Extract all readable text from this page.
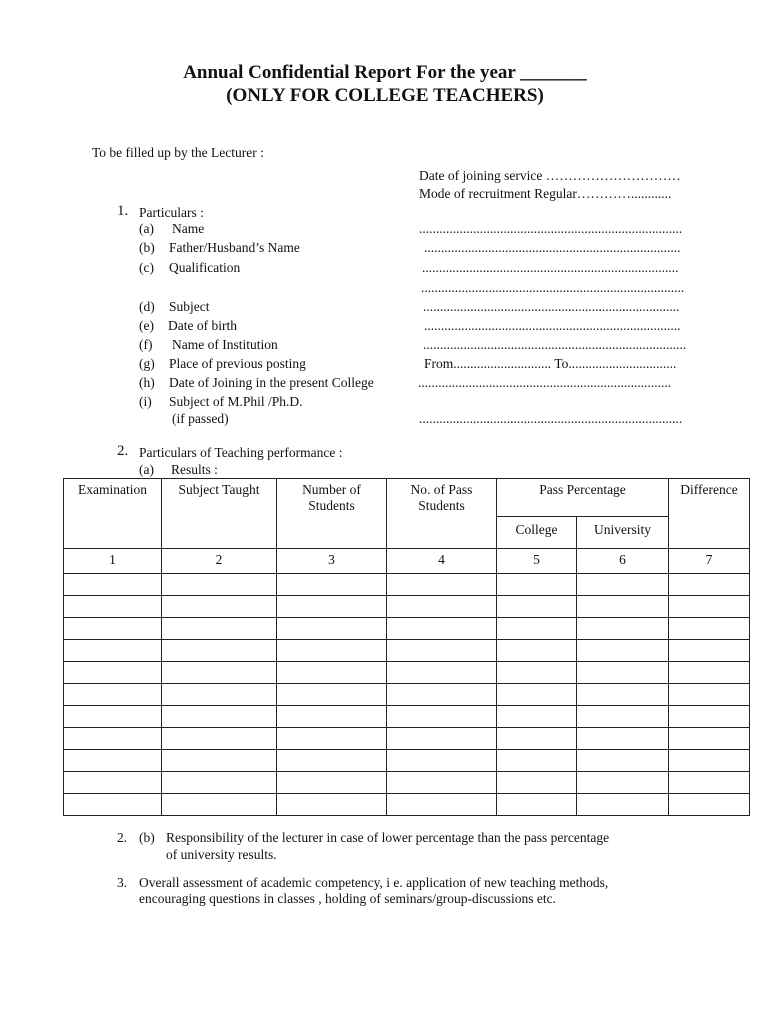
Annual Confidential Report For the year _______
(ONLY FOR COLLEGE TEACHERS)
To be filled up by the Lecturer :
Date of joining service …………………………
Mode of recruitment Regular…………............
1. Particulars :
(a) Name	..............................................................................
(b) Father/Husband’s Name	............................................................................
(c) Qualification	............................................................................
..............................................................................
(d) Subject	............................................................................
(e) Date of birth	............................................................................
(f) Name of Institution	..............................................................................
(g) Place of previous posting	From............................. To................................
(h) Date of Joining in the present College	...........................................................................
(i) Subject of M.Phil /Ph.D.
(if passed)	..............................................................................
2. Particulars of Teaching performance :
(a) Results :
Examination	Subject Taught	Number of Students	No. of Pass Students	Pass Percentage		Difference
				College	University	
1	2	3	4	5	6	7

2. (b) Responsibility of the lecturer in case of lower percentage than the pass percentage
of university results.
3. Overall assessment of academic competency, i e. application of new teaching methods,
encouraging questions in classes , holding of seminars/group-discussions etc.
